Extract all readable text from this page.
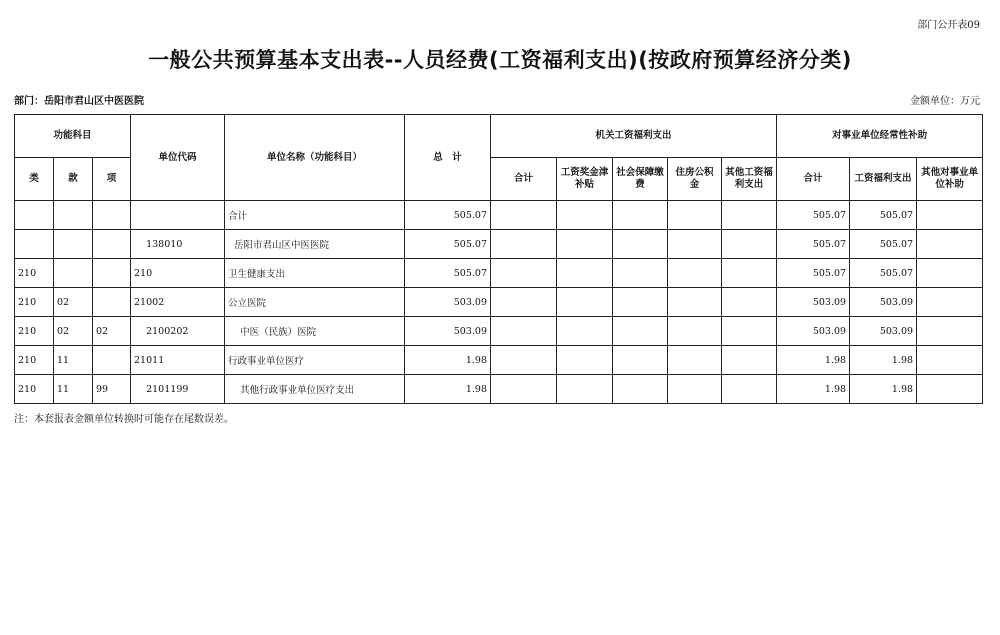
部门公开表09
一般公共预算基本支出表--人员经费(工资福利支出)(按政府预算经济分类)
部门：岳阳市君山区中医医院	金额单位：万元
功能科目			单位代码	单位名称（功能科目）	总　计	机关工资福利支出					对事业单位经常性补助		
类	款	项				合计	工资奖金津补贴	社会保障缴费	住房公积金	其他工资福利支出	合计	工资福利支出	其他对事业单位补助
				合计	505.07						505.07	505.07	
			138010	岳阳市君山区中医医院	505.07						505.07	505.07	
210			210	卫生健康支出	505.07						505.07	505.07	
210	02		21002	公立医院	503.09						503.09	503.09	
210	02	02	2100202	中医（民族）医院	503.09						503.09	503.09	
210	11		21011	行政事业单位医疗	1.98						1.98	1.98	
210	11	99	2101199	其他行政事业单位医疗支出	1.98						1.98	1.98	
注：本套报表金额单位转换时可能存在尾数误差。
